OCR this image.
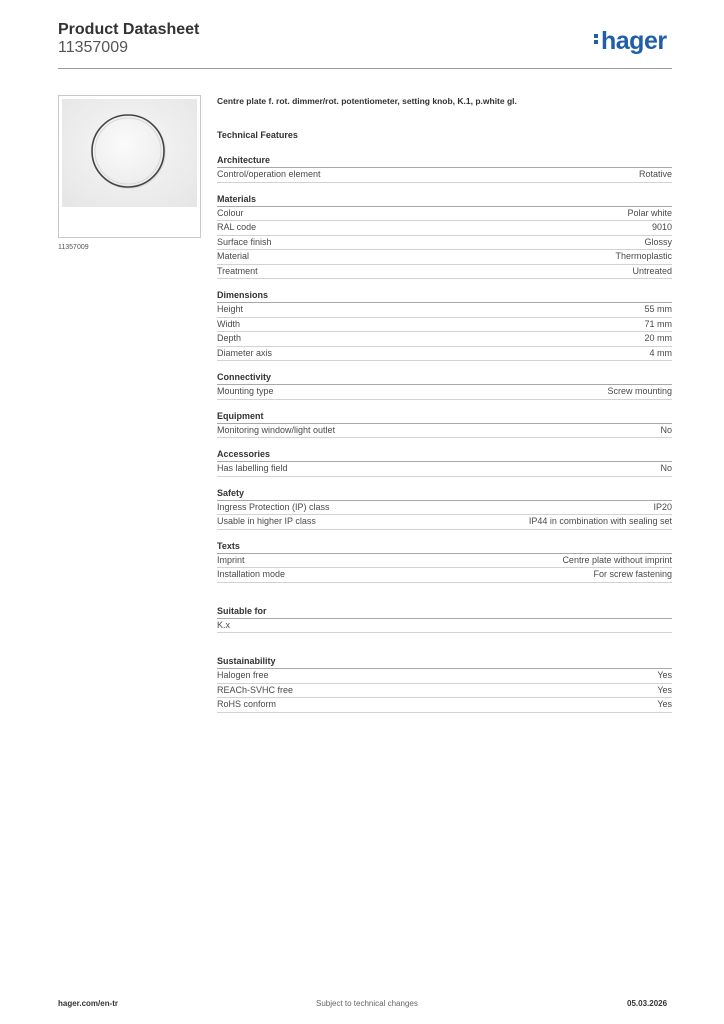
Product Datasheet
11357009	hager
11357009
Centre plate f. rot. dimmer/rot. potentiometer, setting knob, K.1, p.white gl.
Technical Features
Architecture
Control/operation element	Rotative
Materials
Colour	Polar white
RAL code	9010
Surface finish	Glossy
Material	Thermoplastic
Treatment	Untreated
Dimensions
Height	55 mm
Width	71 mm
Depth	20 mm
Diameter axis	4 mm
Connectivity
Mounting type	Screw mounting
Equipment
Monitoring window/light outlet	No
Accessories
Has labelling field	No
Safety
Ingress Protection (IP) class	IP20
Usable in higher IP class	IP44 in combination with sealing set
Texts
Imprint	Centre plate without imprint
Installation mode	For screw fastening
Suitable for
K.x
Sustainability
Halogen free	Yes
REACh-SVHC free	Yes
RoHS conform	Yes
hager.com/en-tr	Subject to technical changes	05.03.2026
